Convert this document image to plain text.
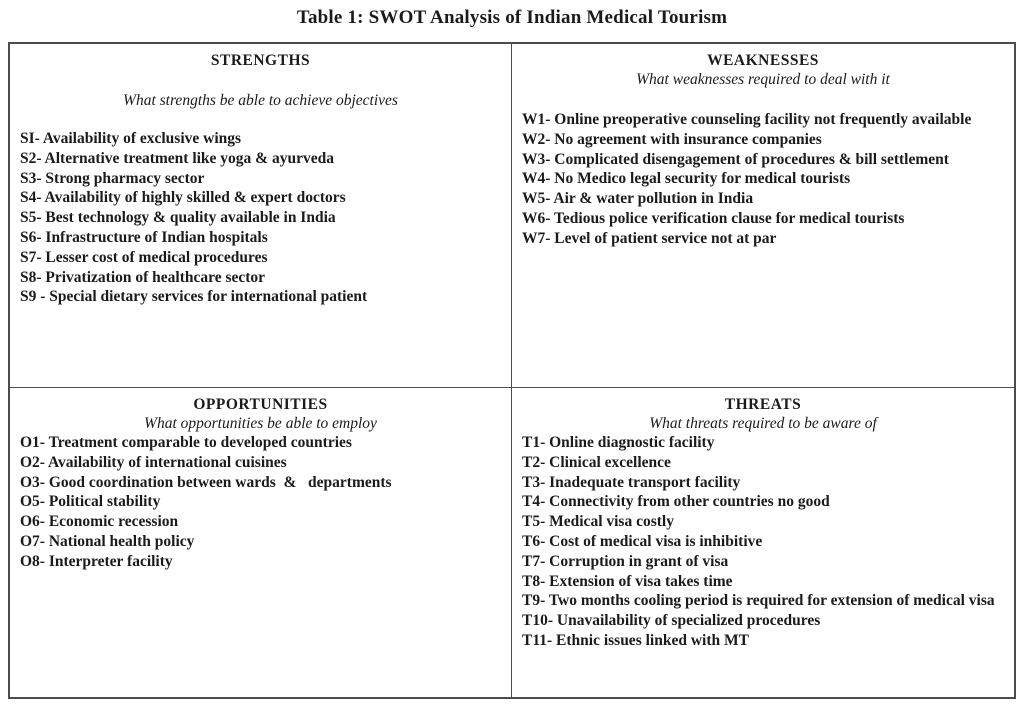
Table 1: SWOT Analysis of Indian Medical Tourism
STRENGTHS
What strengths be able to achieve objectives
SI- Availability of exclusive wings
S2- Alternative treatment like yoga & ayurveda
S3- Strong pharmacy sector
S4- Availability of highly skilled & expert doctors
S5- Best technology & quality available in India
S6- Infrastructure of Indian hospitals
S7- Lesser cost of medical procedures
S8- Privatization of healthcare sector
S9 - Special dietary services for international patient
WEAKNESSES
What weaknesses required to deal with it
W1- Online preoperative counseling facility not frequently available
W2- No agreement with insurance companies
W3- Complicated disengagement of procedures & bill settlement
W4- No Medico legal security for medical tourists
W5- Air & water pollution in India
W6- Tedious police verification clause for medical tourists
W7- Level of patient service not at par
OPPORTUNITIES
What opportunities be able to employ
O1- Treatment comparable to developed countries
O2- Availability of international cuisines
O3- Good coordination between wards  &   departments
O5- Political stability
O6- Economic recession
O7- National health policy
O8- Interpreter facility
THREATS
What threats required to be aware of
T1- Online diagnostic facility
T2- Clinical excellence
T3- Inadequate transport facility
T4- Connectivity from other countries no good
T5- Medical visa costly
T6- Cost of medical visa is inhibitive
T7- Corruption in grant of visa
T8- Extension of visa takes time
T9- Two months cooling period is required for extension of medical visa
T10- Unavailability of specialized procedures
T11- Ethnic issues linked with MT
